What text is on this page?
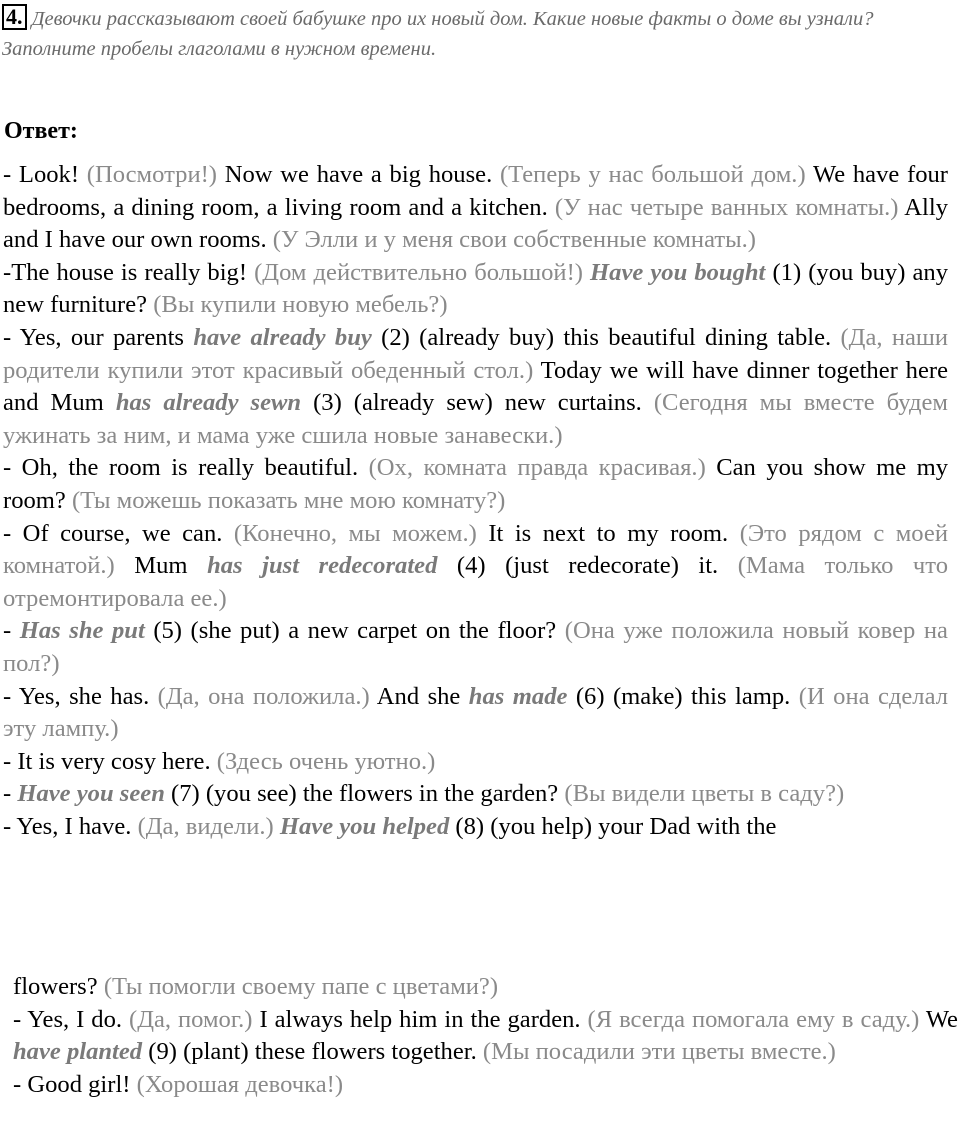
4. Девочки рассказывают своей бабушке про их новый дом. Какие новые факты о доме вы узнали? Заполните пробелы глаголами в нужном времени.
Ответ:

- Look! (Посмотри!) Now we have a big house. (Теперь у нас большой дом.) We have four bedrooms, a dining room, a living room and a kitchen. (У нас четыре ванных комнаты.) Ally and I have our own rooms. (У Элли и у меня свои собственные комнаты.)

-The house is really big! (Дом действительно большой!) Have you bought (1) (you buy) any new furniture? (Вы купили новую мебель?)

- Yes, our parents have already buy (2) (already buy) this beautiful dining table. (Да, наши родители купили этот красивый обеденный стол.) Today we will have dinner together here and Mum has already sewn (3) (already sew) new curtains. (Сегодня мы вместе будем ужинать за ним, и мама уже сшила новые занавески.)

- Oh, the room is really beautiful. (Ох, комната правда красивая.) Can you show me my room? (Ты можешь показать мне мою комнату?)

- Of course, we can. (Конечно, мы можем.) It is next to my room. (Это рядом с моей комнатой.) Mum has just redecorated (4) (just redecorate) it. (Мама только что отремонтировала ее.)

- Has she put (5) (she put) a new carpet on the floor? (Она уже положила новый ковер на пол?)

- Yes, she has. (Да, она положила.) And she has made (6) (make) this lamp. (И она сделал эту лампу.)

- It is very cosy here. (Здесь очень уютно.)

- Have you seen (7) (you see) the flowers in the garden? (Вы видели цветы в саду?)

- Yes, I have. (Да, видели.) Have you helped (8) (you help) your Dad with the

flowers? (Ты помогли своему папе с цветами?)

- Yes, I do. (Да, помог.) I always help him in the garden. (Я всегда помогала ему в саду.) We have planted (9) (plant) these flowers together. (Мы посадили эти цветы вместе.)

- Good girl! (Хорошая девочка!)
